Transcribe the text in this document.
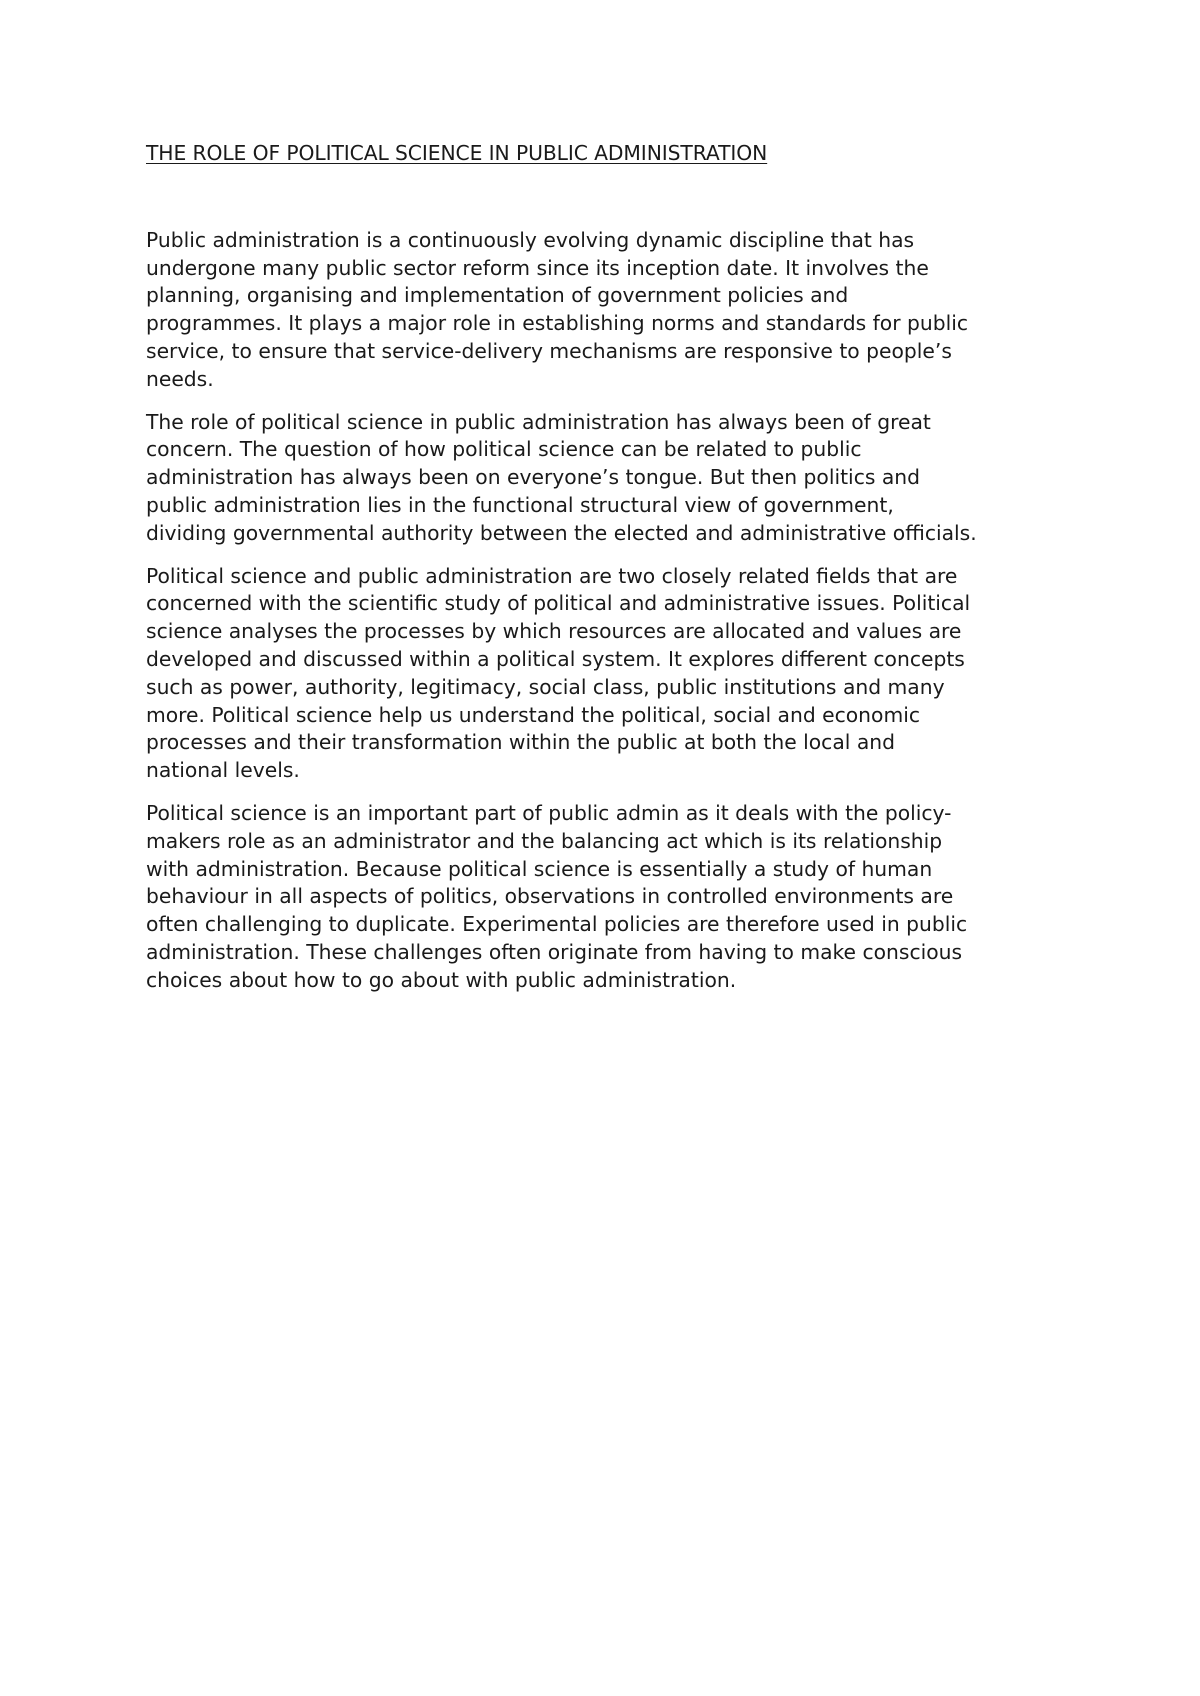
THE ROLE OF POLITICAL SCIENCE IN PUBLIC ADMINISTRATION

Public administration is a continuously evolving dynamic discipline that has
undergone many public sector reform since its inception date. It involves the
planning, organising and implementation of government policies and
programmes. It plays a major role in establishing norms and standards for public
service, to ensure that service-delivery mechanisms are responsive to people’s
needs.

The role of political science in public administration has always been of great
concern. The question of how political science can be related to public
administration has always been on everyone’s tongue. But then politics and
public administration lies in the functional structural view of government,
dividing governmental authority between the elected and administrative officials.

Political science and public administration are two closely related fields that are
concerned with the scientific study of political and administrative issues. Political
science analyses the processes by which resources are allocated and values are
developed and discussed within a political system. It explores different concepts
such as power, authority, legitimacy, social class, public institutions and many
more. Political science help us understand the political, social and economic
processes and their transformation within the public at both the local and
national levels.

Political science is an important part of public admin as it deals with the policy-
makers role as an administrator and the balancing act which is its relationship
with administration. Because political science is essentially a study of human
behaviour in all aspects of politics, observations in controlled environments are
often challenging to duplicate. Experimental policies are therefore used in public
administration. These challenges often originate from having to make conscious
choices about how to go about with public administration.
